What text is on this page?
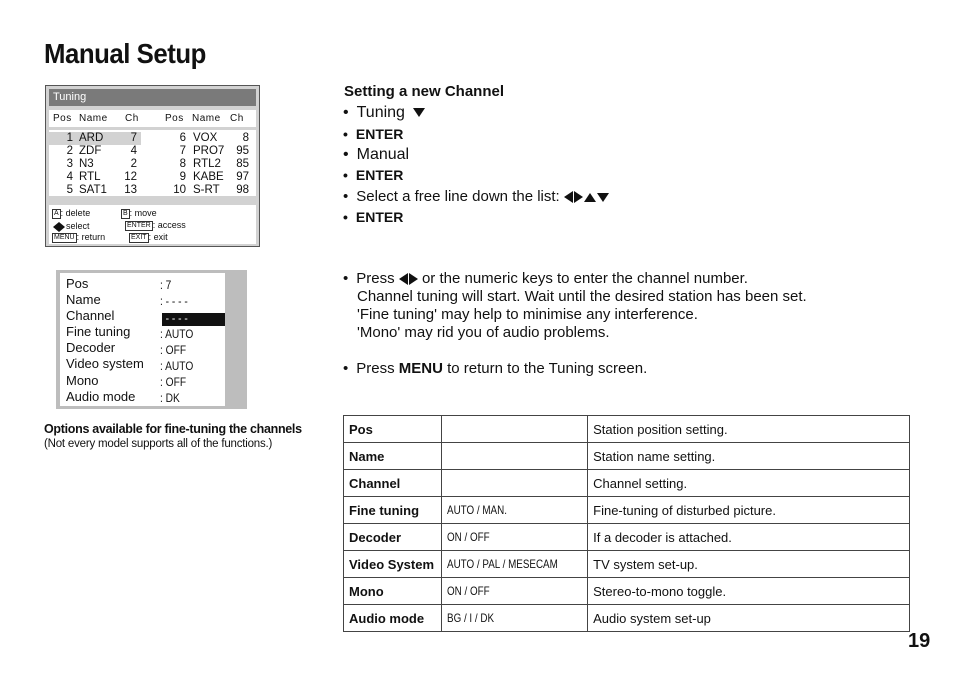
Manual Setup
Tuning
Pos Name Ch	Pos Name Ch
1 ARD	7
2 ZDF	4
3 N3	2
4 RTL 12
5 SAT1 13
6 VOX	8
7 PRO7 95
8 RTL2 85
9 KABE 97
10 S-RT 98
A : delete	B : move
select	ENTER : access
MENU : return	EXIT : exit
Pos	: 7
Name	: - - - -
Channel	: - - - -
Fine tuning : AUTO
Decoder	: OFF
Video system : AUTO
Mono	: OFF
Audio mode : DK
Options available for fine-tuning the channels
(Not every model supports all of the functions.)
Setting a new Channel
• Tuning
• ENTER
• Manual
• ENTER
• Select a free line down the list:
• ENTER
• Press or the numeric keys to enter the channel number.
Channel tuning will start. Wait until the desired station has been set.
'Fine tuning' may help to minimise any interference.
'Mono' may rid you of audio problems.
• Press MENU to return to the Tuning screen.
Pos		Station position setting.
Name		Station name setting.
Channel		Channel setting.
Fine tuning	AUTO / MAN.	Fine-tuning of disturbed picture.
Decoder	ON / OFF	If a decoder is attached.
Video System	AUTO / PAL / MESECAM	TV system set-up.
Mono	ON / OFF	Stereo-to-mono toggle.
Audio mode	BG / I / DK	Audio system set-up
19
